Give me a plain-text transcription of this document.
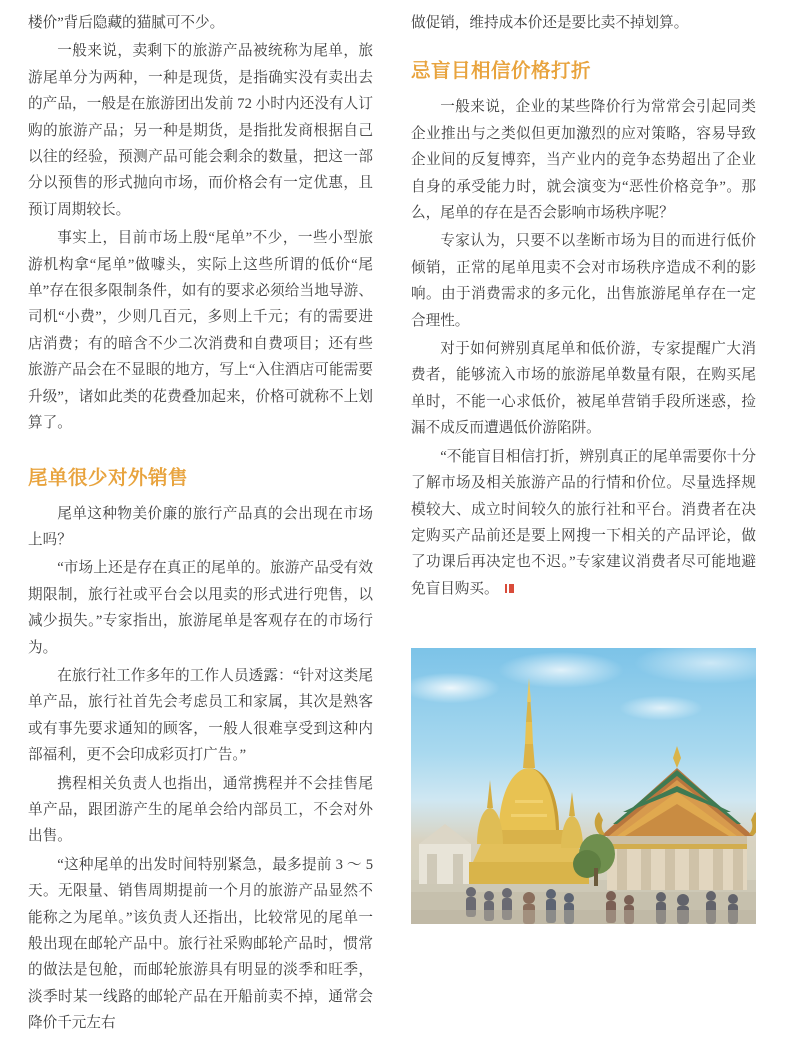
楼价”背后隐藏的猫腻可不少。

一般来说，卖剩下的旅游产品被统称为尾单，旅游尾单分为两种，一种是现货，是指确实没有卖出去的产品，一般是在旅游团出发前 72 小时内还没有人订购的旅游产品；另一种是期货，是指批发商根据自己以往的经验，预测产品可能会剩余的数量，把这一部分以预售的形式抛向市场，而价格会有一定优惠，且预订周期较长。

事实上，目前市场上殷“尾单”不少，一些小型旅游机构拿“尾单”做噱头，实际上这些所谓的低价“尾单”存在很多限制条件，如有的要求必须给当地导游、司机“小费”，少则几百元，多则上千元；有的需要进店消费；有的暗含不少二次消费和自费项目；还有些旅游产品会在不显眼的地方，写上“入住酒店可能需要升级”，诸如此类的花费叠加起来，价格可就称不上划算了。

尾单很少对外销售

尾单这种物美价廉的旅行产品真的会出现在市场上吗？

“市场上还是存在真正的尾单的。旅游产品受有效期限制，旅行社或平台会以甩卖的形式进行兜售，以减少损失。”专家指出，旅游尾单是客观存在的市场行为。

在旅行社工作多年的工作人员透露：“针对这类尾单产品，旅行社首先会考虑员工和家属，其次是熟客或有事先要求通知的顾客，一般人很难享受到这种内部福利，更不会印成彩页打广告。”

携程相关负责人也指出，通常携程并不会挂售尾单产品，跟团游产生的尾单会给内部员工，不会对外出售。

“这种尾单的出发时间特别紧急，最多提前 3 ～ 5 天。无限量、销售周期提前一个月的旅游产品显然不能称之为尾单。”该负责人还指出，比较常见的尾单一般出现在邮轮产品中。旅行社采购邮轮产品时，惯常的做法是包舱，而邮轮旅游具有明显的淡季和旺季，淡季时某一线路的邮轮产品在开船前卖不掉，通常会降价千元左右

做促销，维持成本价还是要比卖不掉划算。

忌盲目相信价格打折

一般来说，企业的某些降价行为常常会引起同类企业推出与之类似但更加激烈的应对策略，容易导致企业间的反复博弈，当产业内的竞争态势超出了企业自身的承受能力时，就会演变为“恶性价格竞争”。那么，尾单的存在是否会影响市场秩序呢？

专家认为，只要不以垄断市场为目的而进行低价倾销，正常的尾单甩卖不会对市场秩序造成不利的影响。由于消费需求的多元化，出售旅游尾单存在一定合理性。

对于如何辨别真尾单和低价游，专家提醒广大消费者，能够流入市场的旅游尾单数量有限，在购买尾单时，不能一心求低价，被尾单营销手段所迷惑，捡漏不成反而遭遇低价游陷阱。

“不能盲目相信打折，辨别真正的尾单需要你十分了解市场及相关旅游产品的行情和价位。尽量选择规模较大、成立时间较久的旅行社和平台。消费者在决定购买产品前还是要上网搜一下相关的产品评论，做了功课后再决定也不迟。”专家建议消费者尽可能地避免盲目购买。
